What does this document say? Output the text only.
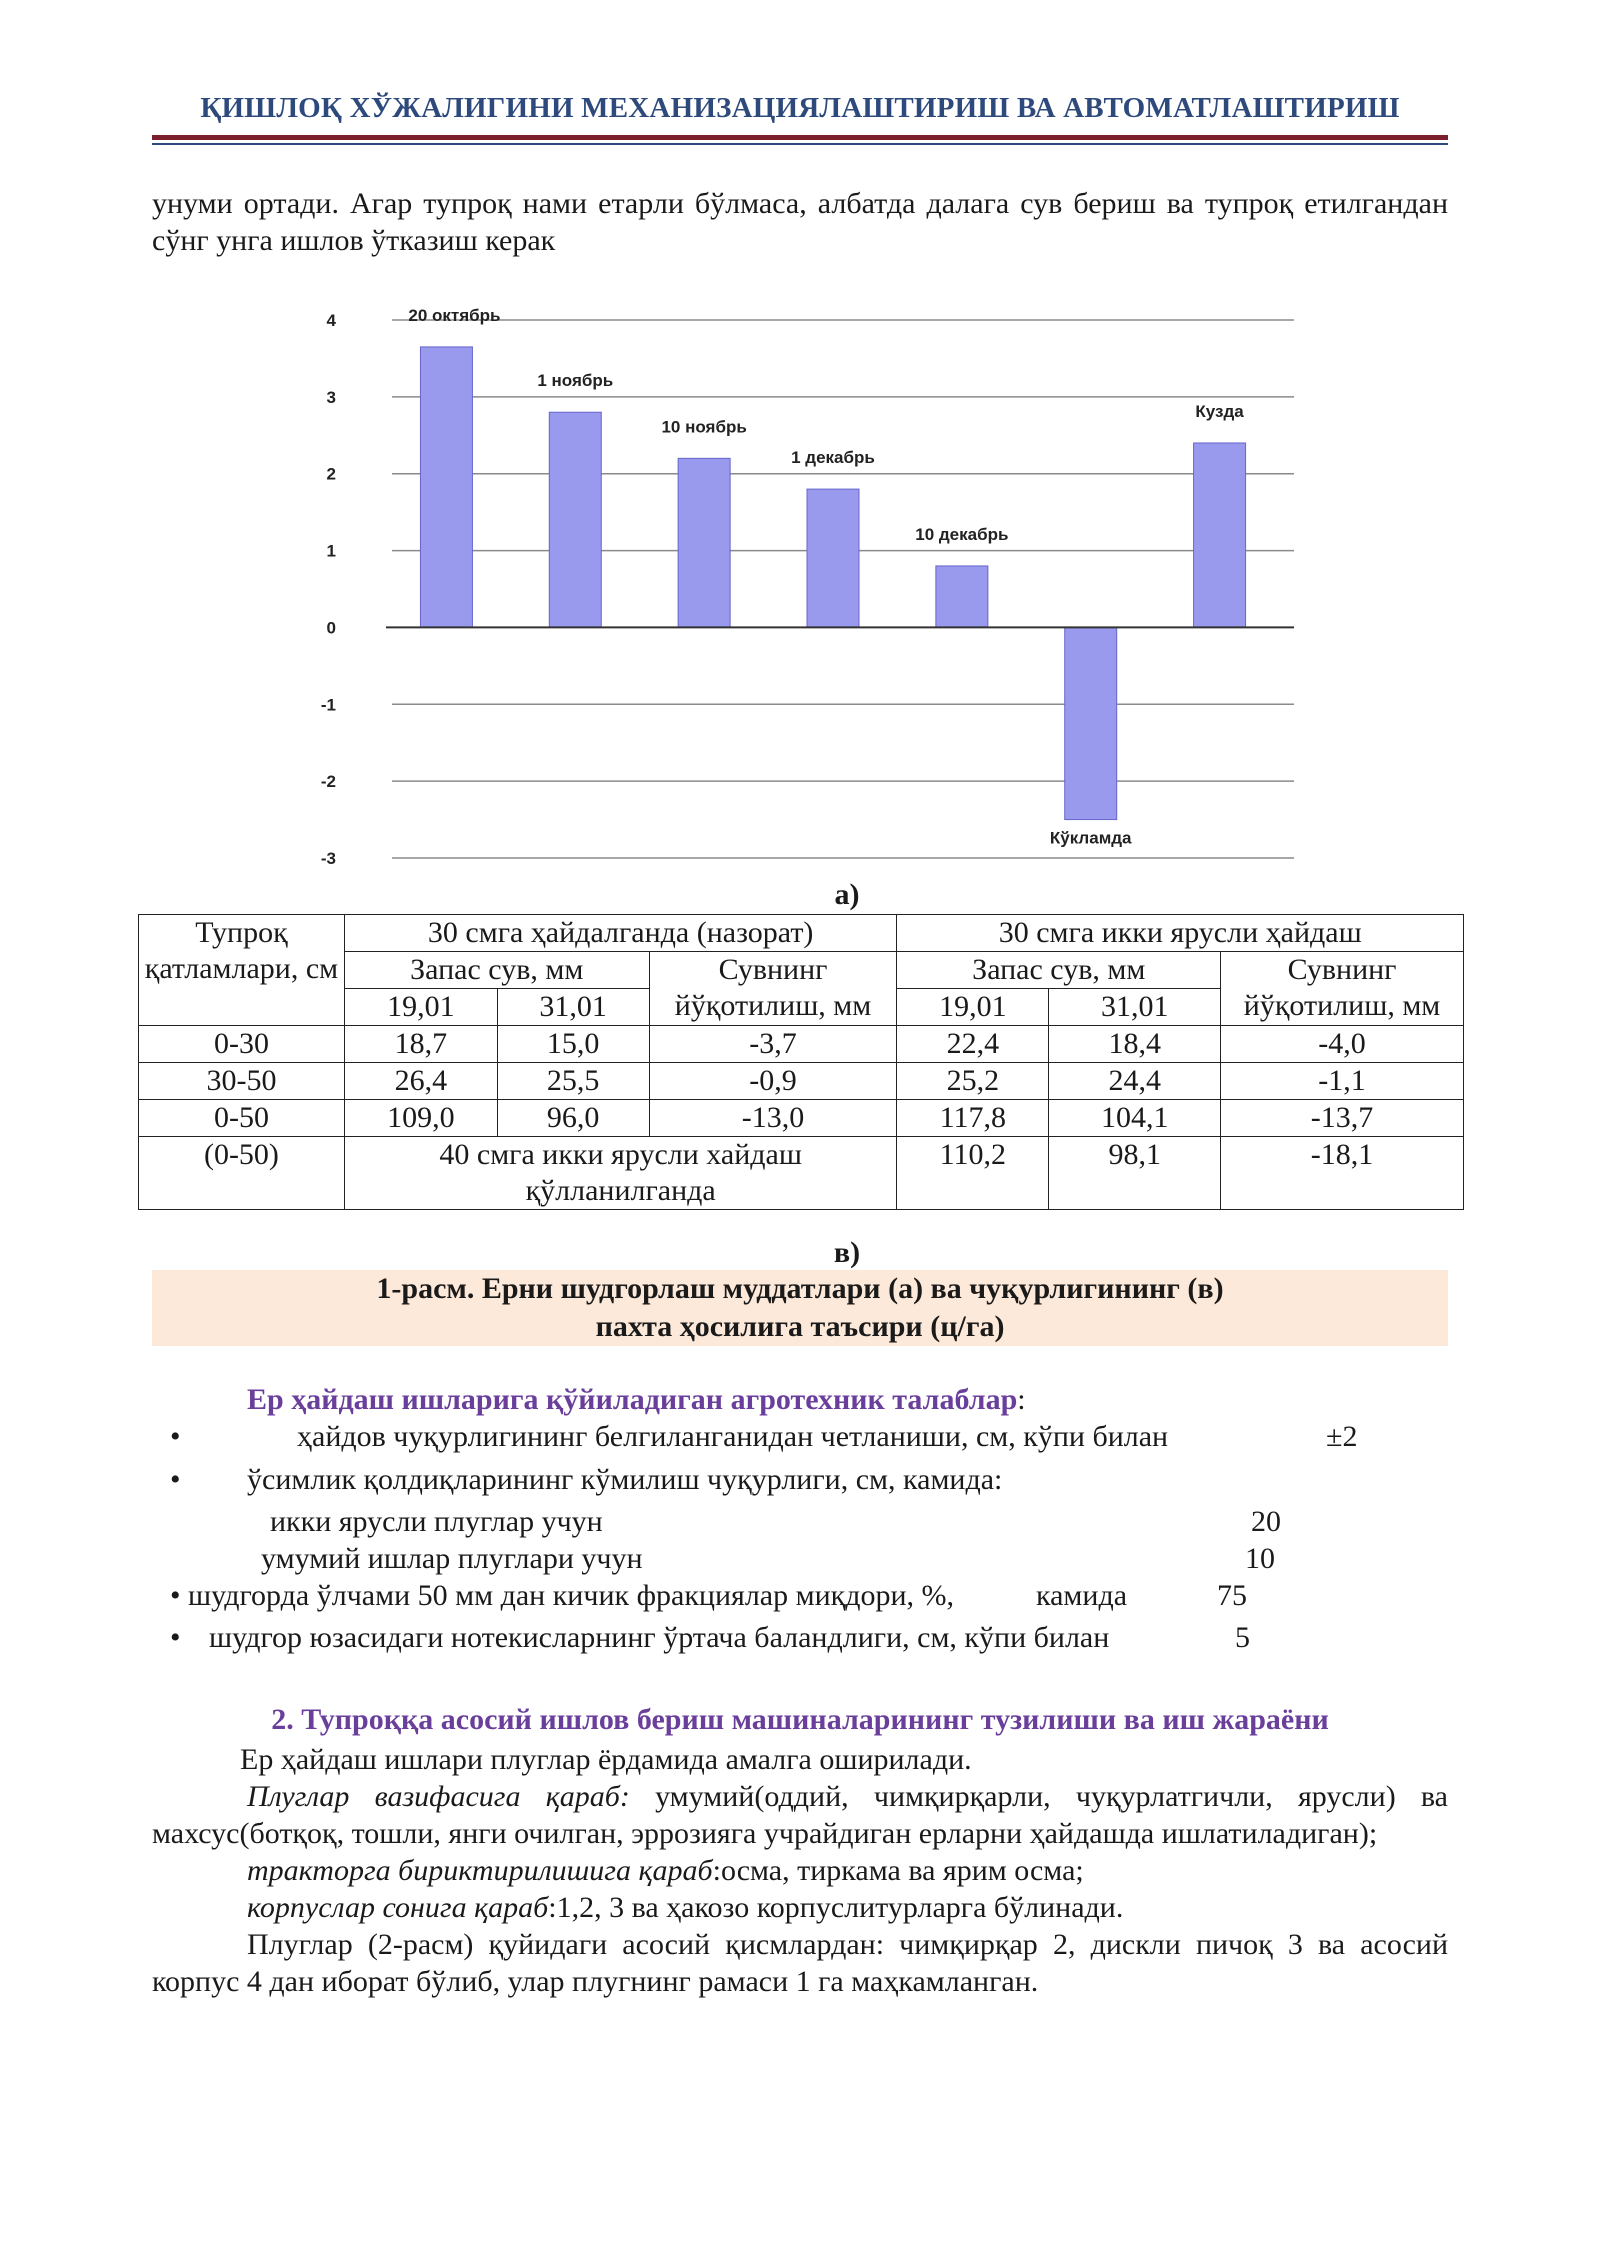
ҚИШЛОҚ ХЎЖАЛИГИНИ МЕХАНИЗАЦИЯЛАШТИРИШ ВА АВТОМАТЛАШТИРИШ
унуми ортади. Агар тупроқ нами етарли бўлмаса, албатда далага сув бериш ва тупроқ етилгандан сўнг унга ишлов ўтказиш керак
4
3
2
1
0
-1
-2
-3
20 октябрь
1 ноябрь
10 ноябрь
1 декабрь
10 декабрь
Кўкламда
Кузда
а)
Тупроқ қатламлари, см	30 смга ҳайдалганда (назорат)			30 смга икки ярусли ҳайдаш		
	Запас сув, мм		Сувнинг йўқотилиш, мм	Запас сув, мм		Сувнинг йўқотилиш, мм
	19,01	31,01		19,01	31,01	
0-30	18,7	15,0	-3,7	22,4	18,4	-4,0
30-50	26,4	25,5	-0,9	25,2	24,4	-1,1
0-50	109,0	96,0	-13,0	117,8	104,1	-13,7
(0-50)	40 смга икки ярусли хайдаш қўлланилганда			110,2	98,1	-18,1
в)
1-расм. Ерни шудгорлаш муддатлари (а) ва чуқурлигининг (в)
пахта ҳосилига таъсири (ц/га)
Ер ҳайдаш ишларига қўйиладиган агротехник талаблар:
•	ҳайдов чуқурлигининг белгиланганидан четланиши, см, кўпи билан	±2
• ўсимлик қолдиқларининг кўмилиш чуқурлиги, см, камида:
икки ярусли плуглар учун	20
умумий ишлар плуглари учун	10
• шудгорда ўлчами 50 мм дан кичик фракциялар миқдори, %,	камида	75
• шудгор юзасидаги нотекисларнинг ўртача баландлиги, см, кўпи билан	5
2. Тупроққа асосий ишлов бериш машиналарининг тузилиши ва иш жараёни

Ер ҳайдаш ишлари плуглар ёрдамида амалга оширилади.

Плуглар вазифасига қараб: умумий(оддий, чимқирқарли, чуқурлатгичли, ярусли) ва махсус(ботқоқ, тошли, янги очилган, эррозияга учрайдиган ерларни ҳайдашда ишлатиладиган);

тракторга бириктирилишига қараб:осма, тиркама ва ярим осма;

корпуслар сонига қараб:1,2, 3 ва ҳакозо корпуслитурларга бўлинади.

Плуглар (2-расм) қуйидаги асосий қисмлардан: чимқирқар 2, дискли пичоқ 3 ва асосий корпус 4 дан иборат бўлиб, улар плугнинг рамаси 1 га маҳкамланган.
